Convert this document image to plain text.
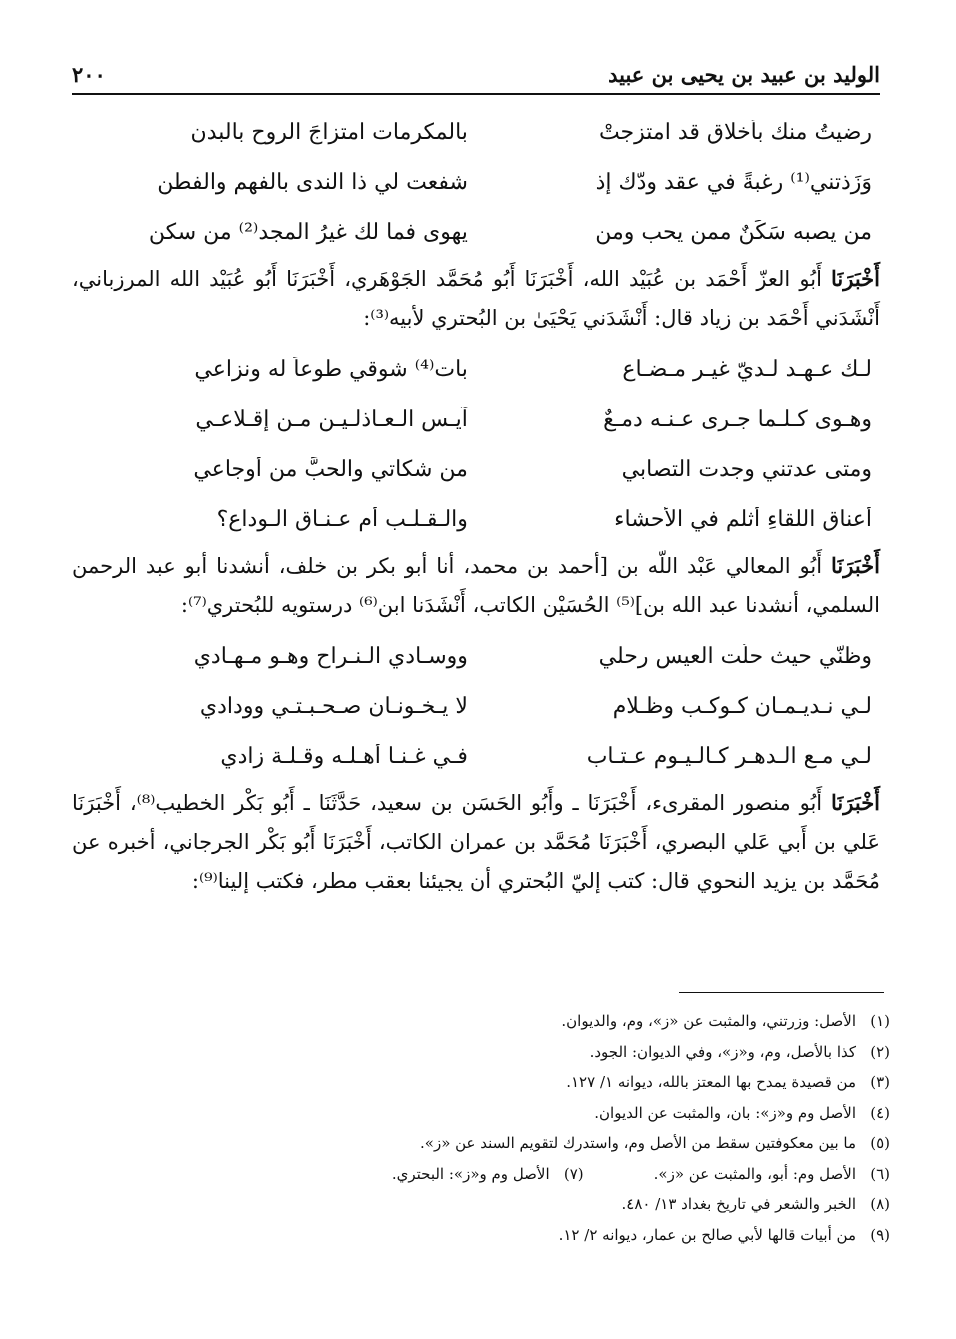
الوليد بن عبيد بن يحيى بن عبيد
٢٠٠
رضيتُ منك بأخلاقٍ قد امتزجتْ
بالمكرمات امتزاجَ الروح بالبدن
وَزَذتني⁽¹⁾ رغبةً في عقد ودّك إذ
شفعت لي ذا الندى بالفهم والفطن
من يصبه سَكَنٌ ممن يحب ومن
يهوى فما لك غيرُ المجد⁽²⁾ من سكن

أَخْبَرَنَا أَبُو العزّ أَحْمَد بن عُبَيْد الله، أَخْبَرَنَا أَبُو مُحَمَّد الجَوْهَري، أَخْبَرَنَا أَبُو عُبَيْد الله المرزباني، أَنْشَدَني أَحْمَد بن زياد قال: أَنْشَدَني يَحْيَىٰ بن البُحتري لأبيه⁽³⁾:

لـك عـهـد لـديّ غيـر مـضـاعِ
بات⁽⁴⁾ شوقي طوعاً له ونزاعي
وهـوى كـلـما جـرى عـنـه دمـعٌ
آيـس الـعـاذلـيـن مـن إقـلاعـي
ومتى عدتني وجدت التصابي
من شكاتي والحبَّ من أوجاعي
أعناق اللقاءِ أثلم في الأحشاء
والـقـلـب أم عـنـاق الـوداع؟

أَخْبَرَنَا أَبُو المعالي عَبْد اللّه بن [أحمد بن محمد، أنا أبو بكر بن خلف، أنشدنا أبو عبد الرحمن السلمي، أنشدنا عبد الله بن]⁽⁵⁾ الحُسَيْن الكاتب، أَنْشَدَنا ابن⁽⁶⁾ درستويه للبُحتري⁽⁷⁾:

وظنّي حيث حلّت العيس رحلي
ووسـادي الـنـراح وهـو مـهـادي
لـي نـديـمـان كـوكـب وظـلام
لا يـخـونـان صـحـبـتـي ووِدادي
لـي مـع الـدهـر كـالـيـوم عـتـاب
فـي غـنـا أهـلـه وقـلـة زادي

أَخْبَرَنَا أَبُو منصور المقرىء، أَخْبَرَنَا ـ وأَبُو الحَسَن بن سعيد، حَدَّثَنَا ـ أَبُو بَكْر الخطيب⁽⁸⁾، أَخْبَرَنَا عَلي بن أَبي عَلي البصري، أَخْبَرَنَا مُحَمَّد بن عمران الكاتب، أَخْبَرَنَا أَبُو بَكْر الجرجاني، أخبره عن مُحَمَّد بن يزيد النحوي قال: كتب إليّ البُحتري أن يجيئنا بعقب مطر، فكتب إلينا⁽⁹⁾:

(١)الأصل: وزرتني، والمثبت عن «ز»، وم، والديوان.
(٢)كذا بالأصل، وم، و«ز»، وفي الديوان: الجود.
(٣)من قصيدة يمدح بها المعتز بالله، ديوانه ١/ ١٢٧.
(٤)الأصل وم و«ز»: بان، والمثبت عن الديوان.
(٥)ما بين معكوفتين سقط من الأصل وم، واستدرك لتقويم السند عن «ز».
(٦)الأصل وم: أبو، والمثبت عن «ز».(٧)الأصل وم و«ز»: البحتري.
(٨)الخبر والشعر في تاريخ بغداد ١٣/ ٤٨٠.
(٩)من أبيات قالها لأبي صالح بن عمار، ديوانه ٢/ ١٢.
